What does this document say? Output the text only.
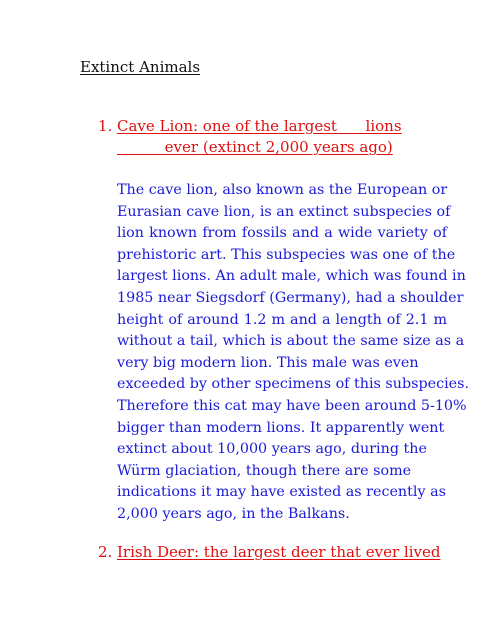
Extinct Animals
1. Cave Lion: one of the largest      lions
ever (extinct 2,000 years ago)
The cave lion, also known as the European or
Eurasian cave lion, is an extinct subspecies of
lion known from fossils and a wide variety of
prehistoric art. This subspecies was one of the
largest lions. An adult male, which was found in
1985 near Siegsdorf (Germany), had a shoulder
height of around 1.2 m and a length of 2.1 m
without a tail, which is about the same size as a
very big modern lion. This male was even
exceeded by other specimens of this subspecies.
Therefore this cat may have been around 5-10%
bigger than modern lions. It apparently went
extinct about 10,000 years ago, during the
Würm glaciation, though there are some
indications it may have existed as recently as
2,000 years ago, in the Balkans.
2. Irish Deer: the largest deer that ever lived
